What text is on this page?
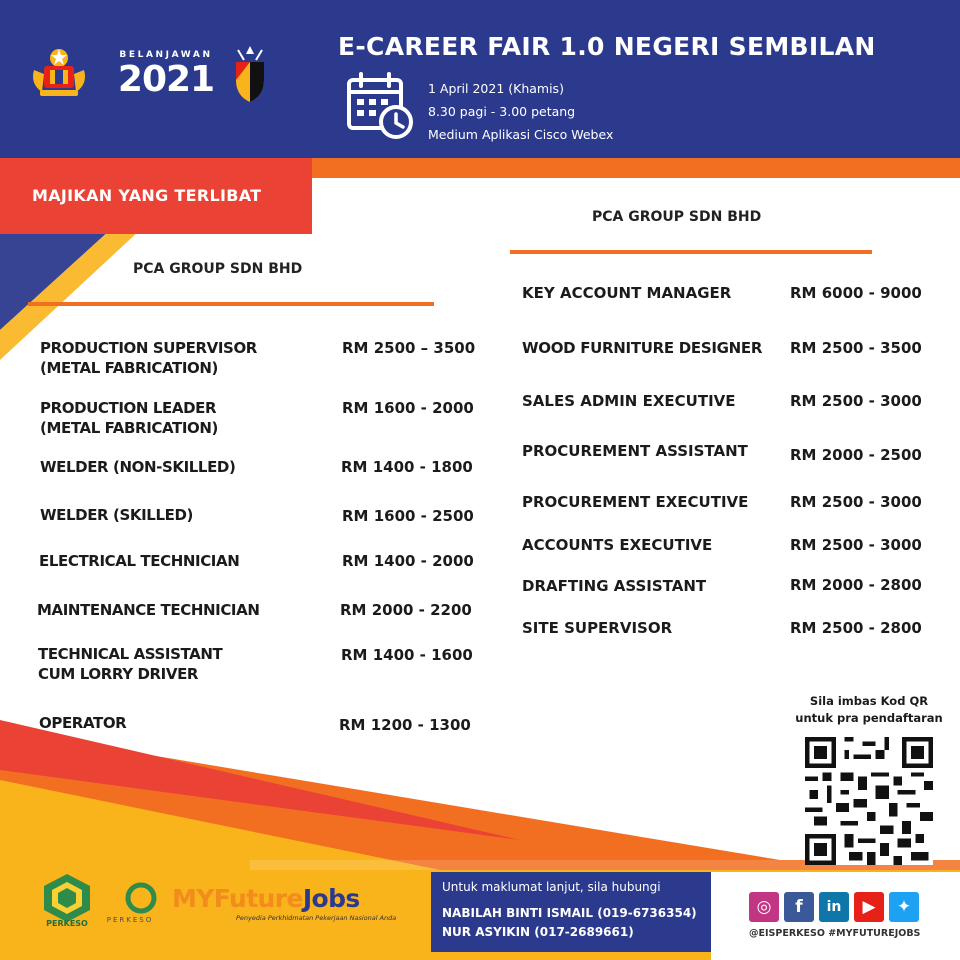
BELANJAWAN
2021
E-CAREER FAIR 1.0 NEGERI SEMBILAN
1 April 2021 (Khamis)
8.30 pagi - 3.00 petang
Medium Aplikasi Cisco Webex
MAJIKAN YANG TERLIBAT
PCA GROUP SDN BHD
PRODUCTION SUPERVISOR
(METAL FABRICATION)
RM 2500 – 3500
PRODUCTION LEADER
(METAL FABRICATION)
RM 1600 - 2000
WELDER (NON-SKILLED)	RM 1400 - 1800
WELDER (SKILLED)	RM 1600 - 2500
ELECTRICAL TECHNICIAN	RM 1400 - 2000
MAINTENANCE TECHNICIAN	RM 2000 - 2200
TECHNICAL ASSISTANT
CUM LORRY DRIVER
RM 1400 - 1600
OPERATOR	RM 1200 - 1300
PCA GROUP SDN BHD
KEY ACCOUNT MANAGER	RM 6000 - 9000
WOOD FURNITURE DESIGNER RM 2500 - 3500
SALES ADMIN EXECUTIVE	RM 2500 - 3000
PROCUREMENT ASSISTANT	RM 2000 - 2500
PROCUREMENT EXECUTIVE	RM 2500 - 3000
ACCOUNTS EXECUTIVE	RM 2500 - 3000
DRAFTING ASSISTANT	RM 2000 - 2800
SITE SUPERVISOR	RM 2500 - 2800
Sila imbas Kod QR
untuk pra pendaftaran
PERKESO
5
PERKESO
MYFutureJobs
Penyedia Perkhidmatan Pekerjaan Nasional Anda
Untuk maklumat lanjut, sila hubungi
NABILAH BINTI ISMAIL (019-6736354)
NUR ASYIKIN (017-2689661)
◎	f	in	▶	✦
@EISPERKESO #MYFUTUREJOBS
